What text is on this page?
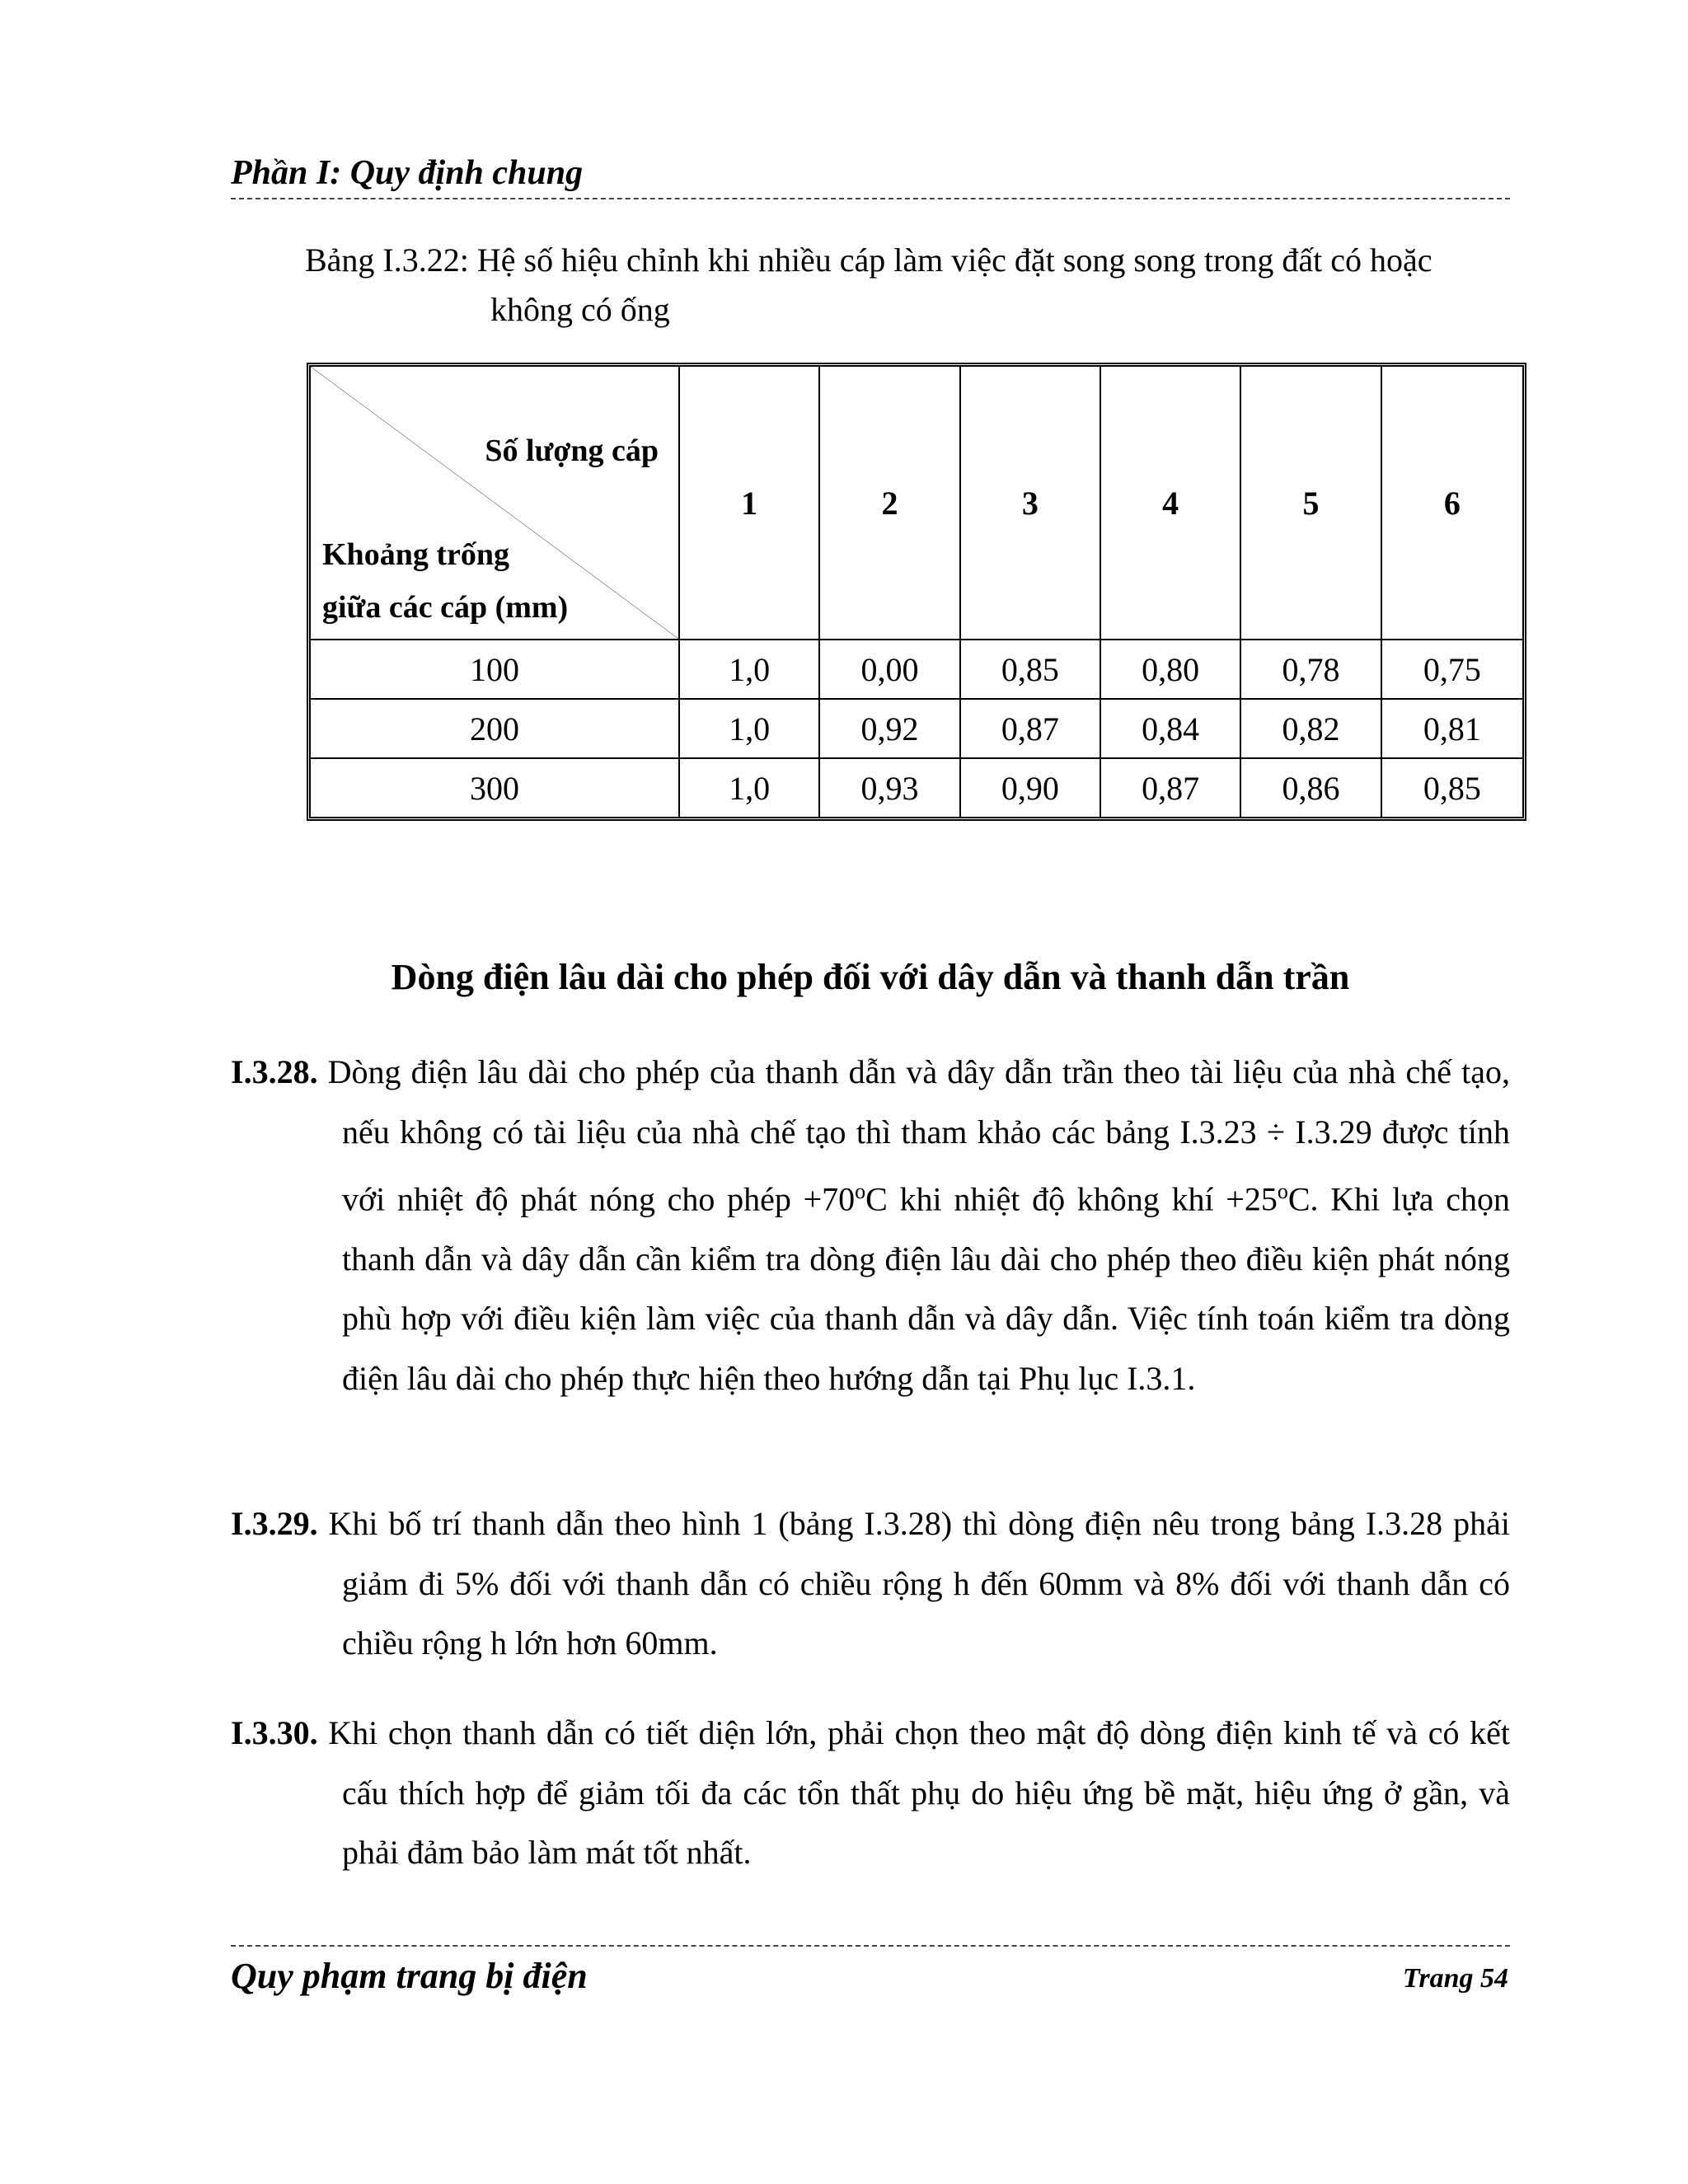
Phần I: Quy định chung
Bảng I.3.22: Hệ số hiệu chỉnh khi nhiều cáp làm việc đặt song song trong đất có hoặc
không có ống
Số lượng cáp
Khoảng trống
giữa các cáp (mm)	1	2	3	4	5	6
100	1,0	0,00	0,85	0,80	0,78	0,75
200	1,0	0,92	0,87	0,84	0,82	0,81
300	1,0	0,93	0,90	0,87	0,86	0,85
Dòng điện lâu dài cho phép đối với dây dẫn và thanh dẫn trần
I.3.28. Dòng điện lâu dài cho phép của thanh dẫn và dây dẫn trần theo tài liệu của nhà chế tạo, nếu không có tài liệu của nhà chế tạo thì tham khảo các bảng I.3.23 ÷ I.3.29 được tính với nhiệt độ phát nóng cho phép $+70^oC$ khi nhiệt độ không khí $+25^oC$. Khi lựa chọn thanh dẫn và dây dẫn cần kiểm tra dòng điện lâu dài cho phép theo điều kiện phát nóng phù hợp với điều kiện làm việc của thanh dẫn và dây dẫn. Việc tính toán kiểm tra dòng điện lâu dài cho phép thực hiện theo hướng dẫn tại Phụ lục I.3.1.
I.3.29. Khi bố trí thanh dẫn theo hình 1 (bảng I.3.28) thì dòng điện nêu trong bảng I.3.28 phải giảm đi 5% đối với thanh dẫn có chiều rộng h đến 60mm và 8% đối với thanh dẫn có chiều rộng h lớn hơn 60mm.
I.3.30. Khi chọn thanh dẫn có tiết diện lớn, phải chọn theo mật độ dòng điện kinh tế và có kết cấu thích hợp để giảm tối đa các tổn thất phụ do hiệu ứng bề mặt, hiệu ứng ở gần, và phải đảm bảo làm mát tốt nhất.
Quy phạm trang bị điện	Trang 54
